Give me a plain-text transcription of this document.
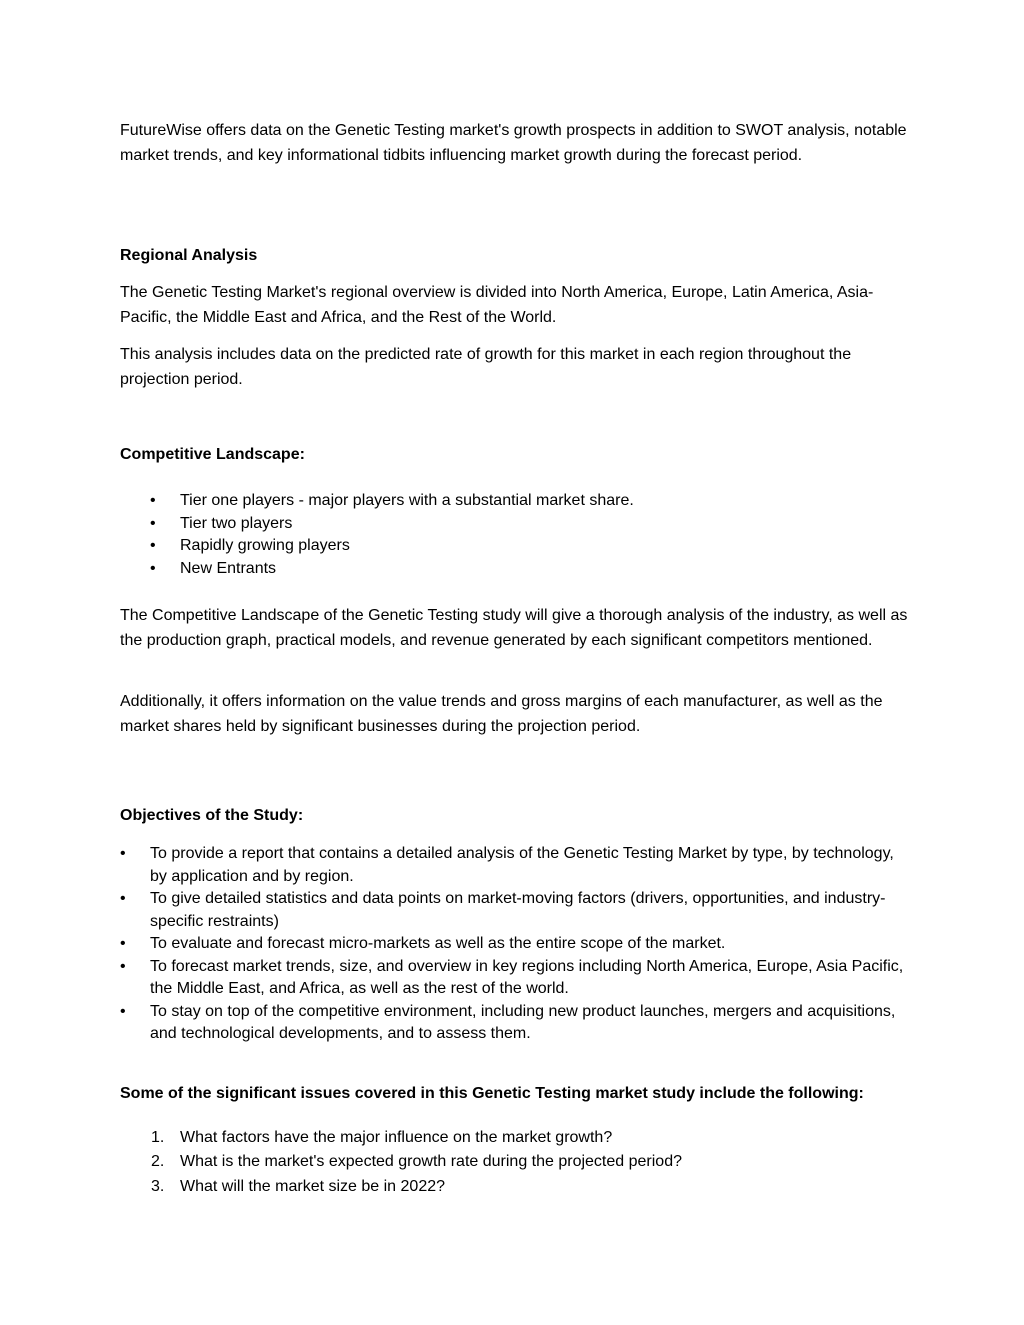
FutureWise offers data on the Genetic Testing market's growth prospects in addition to SWOT analysis, notable market trends, and key informational tidbits influencing market growth during the forecast period.

Regional Analysis

The Genetic Testing Market's regional overview is divided into North America, Europe, Latin America, Asia-Pacific, the Middle East and Africa, and the Rest of the World.

This analysis includes data on the predicted rate of growth for this market in each region throughout the projection period.

Competitive Landscape:

• Tier one players - major players with a substantial market share.
• Tier two players
• Rapidly growing players
• New Entrants

The Competitive Landscape of the Genetic Testing study will give a thorough analysis of the industry, as well as the production graph, practical models, and revenue generated by each significant competitors mentioned.

Additionally, it offers information on the value trends and gross margins of each manufacturer, as well as the market shares held by significant businesses during the projection period.

Objectives of the Study:

• To provide a report that contains a detailed analysis of the Genetic Testing Market by type, by technology, by application and by region.
• To give detailed statistics and data points on market-moving factors (drivers, opportunities, and industry-specific restraints)
• To evaluate and forecast micro-markets as well as the entire scope of the market.
• To forecast market trends, size, and overview in key regions including North America, Europe, Asia Pacific, the Middle East, and Africa, as well as the rest of the world.
• To stay on top of the competitive environment, including new product launches, mergers and acquisitions, and technological developments, and to assess them.

Some of the significant issues covered in this Genetic Testing market study include the following:

1. What factors have the major influence on the market growth?
2. What is the market's expected growth rate during the projected period?
3. What will the market size be in 2022?
